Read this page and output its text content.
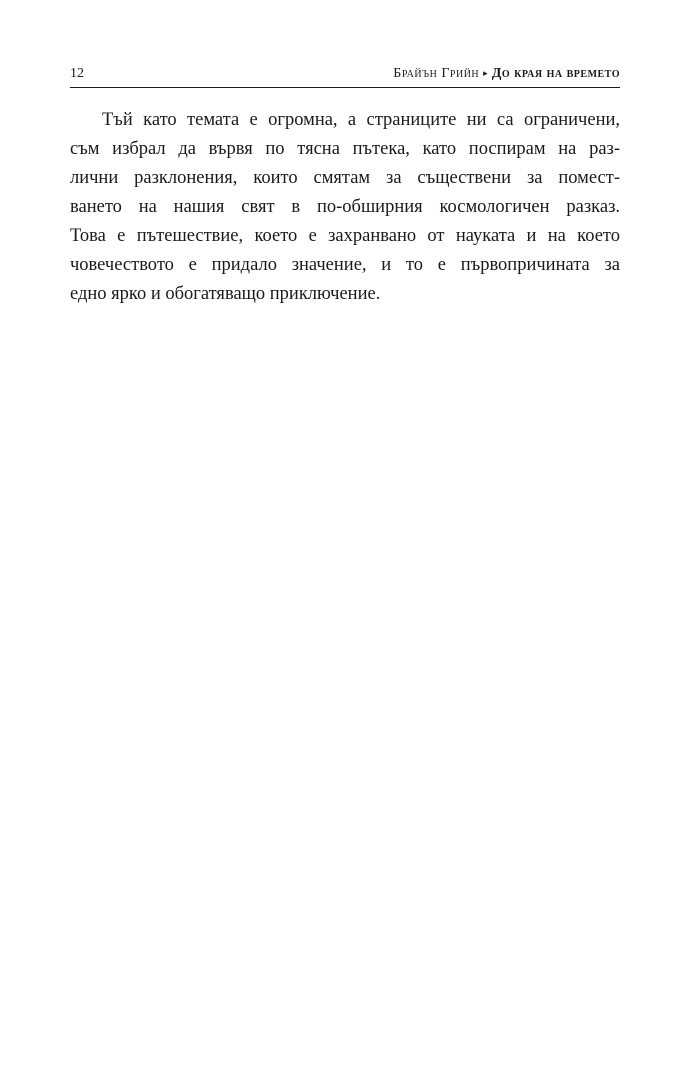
12	Брайън Грийн ▸ До края на времето

Тъй като темата е огромна, а страниците ни са ограничени,
съм избрал да вървя по тясна пътека, като поспирам на раз-
лични разклонения, които смятам за съществени за помест-
ването на нашия свят в по-обширния космологичен разказ.
Това е пътешествие, което е захранвано от науката и на което
човечеството е придало значение, и то е първопричината за
едно ярко и обогатяващо приключение.
